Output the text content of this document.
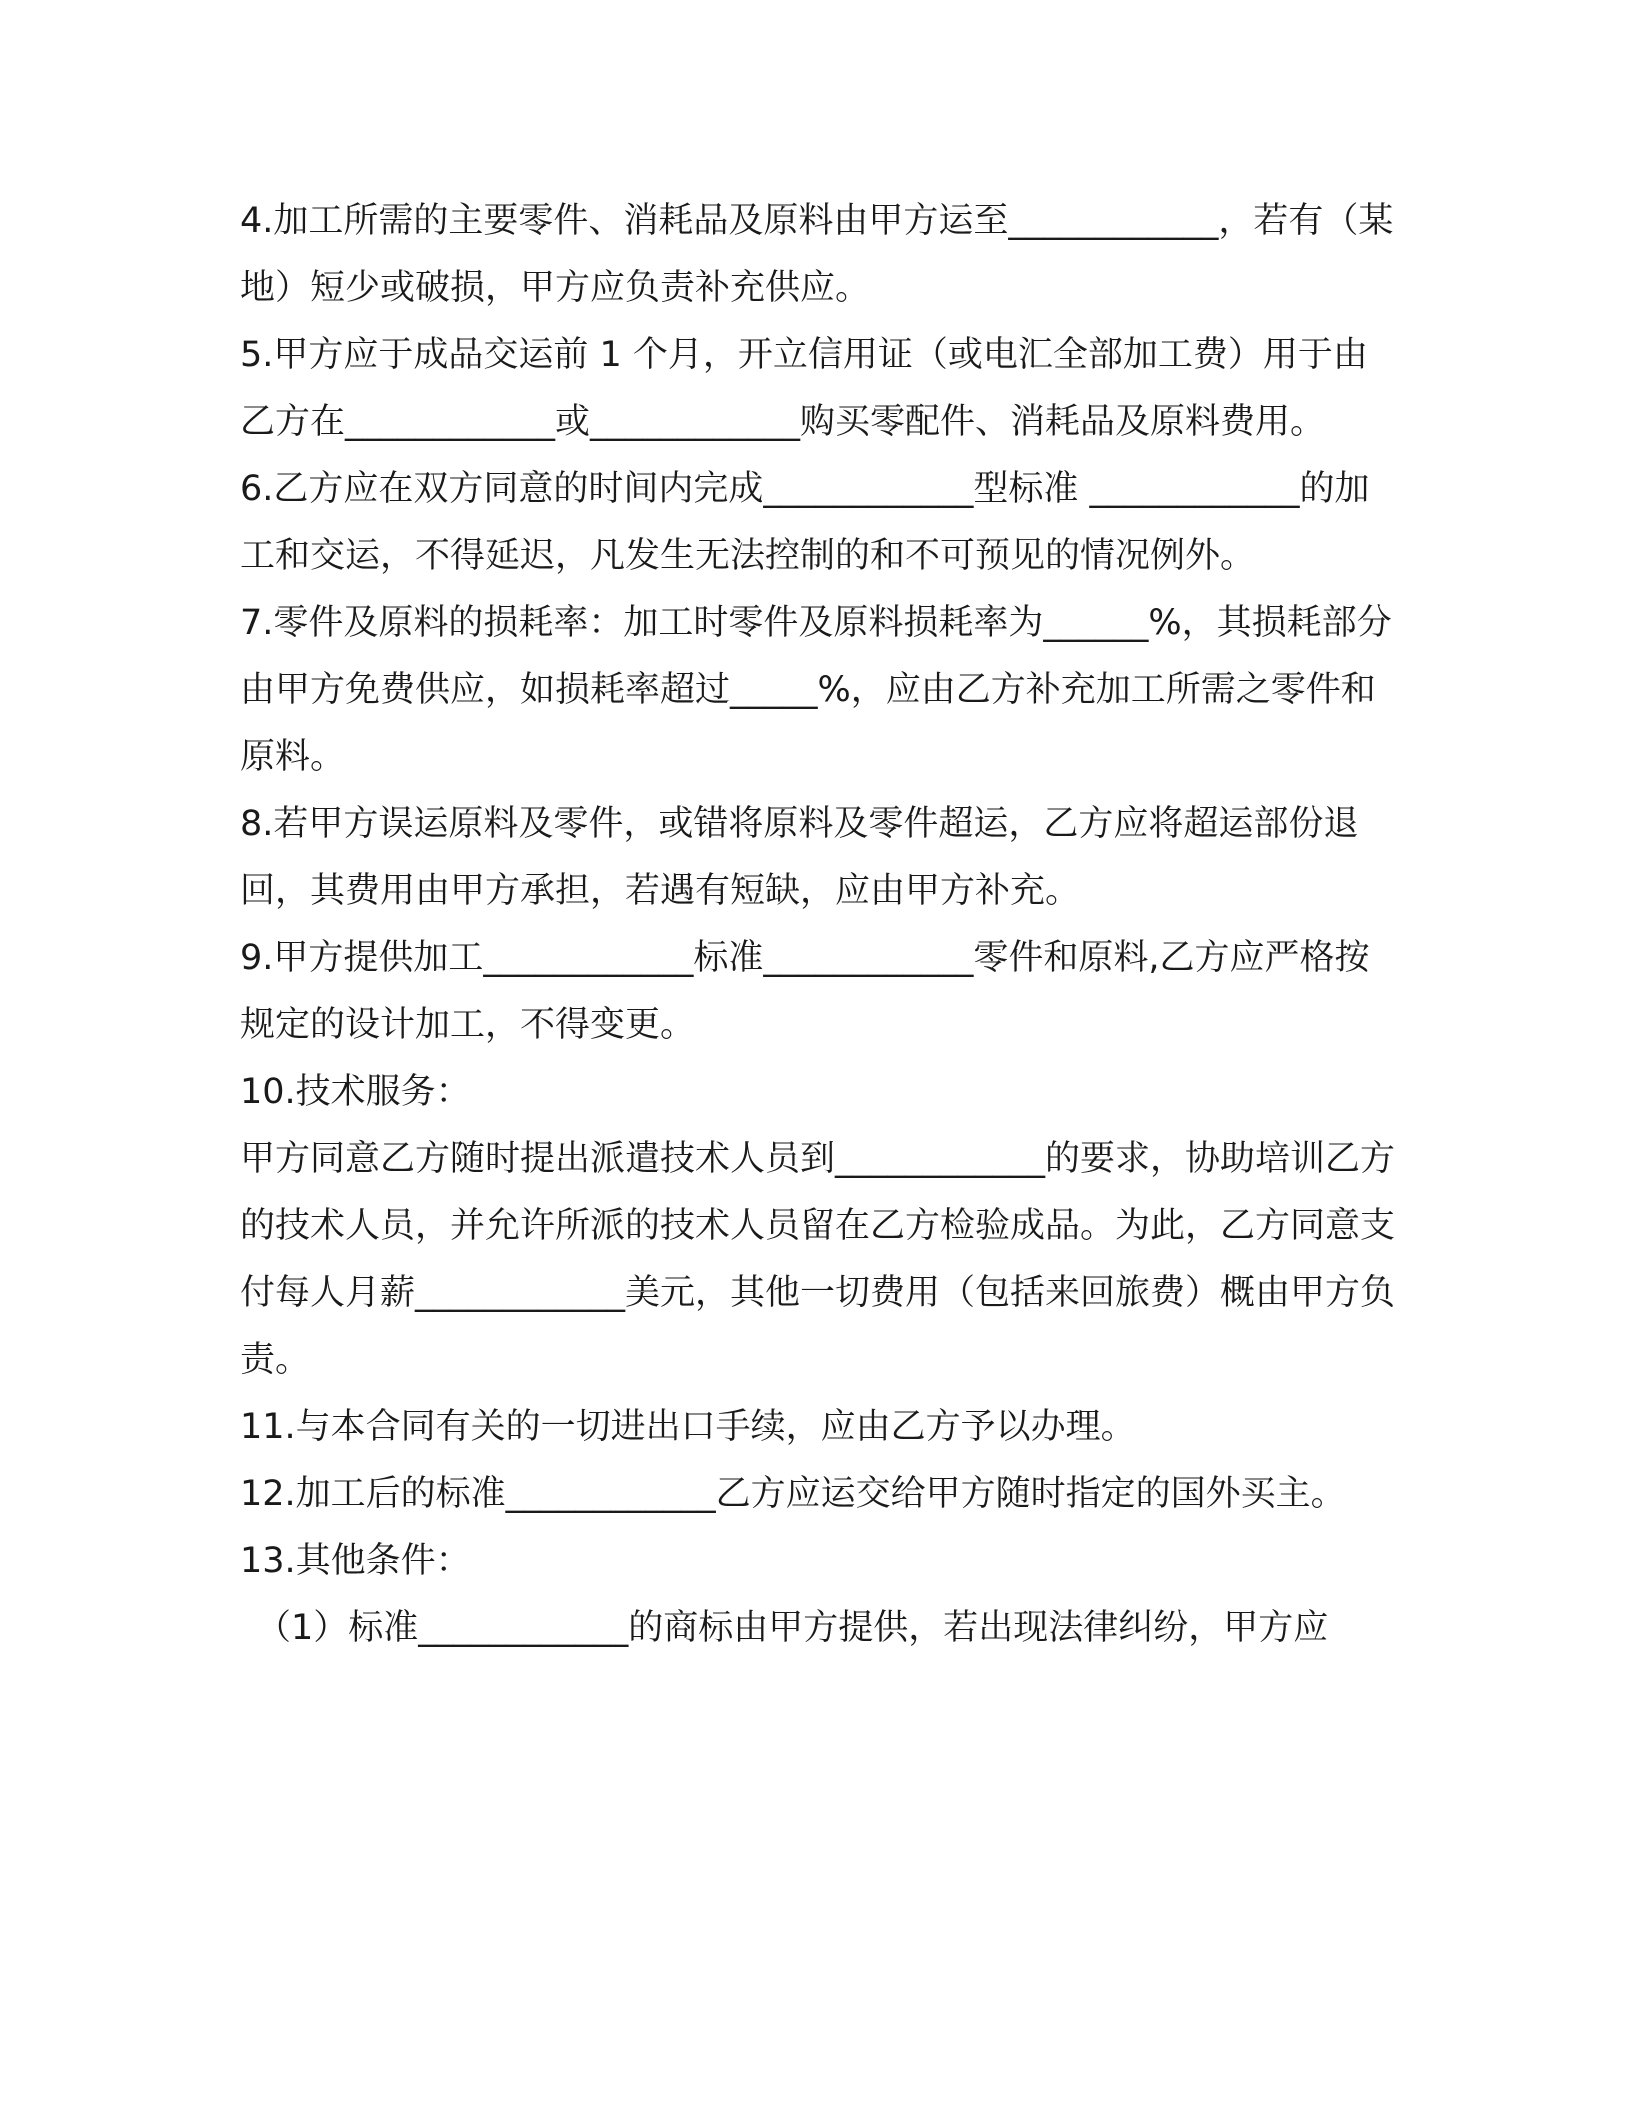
4.加工所需的主要零件、消耗品及原料由甲方运至____________，若有（某地）短少或破损，甲方应负责补充供应。

5.甲方应于成品交运前 1 个月，开立信用证（或电汇全部加工费）用于由乙方在____________或____________购买零配件、消耗品及原料费用。

6.乙方应在双方同意的时间内完成____________型标准 ____________的加工和交运，不得延迟，凡发生无法控制的和不可预见的情况例外。

7.零件及原料的损耗率：加工时零件及原料损耗率为______%，其损耗部分由甲方免费供应，如损耗率超过_____%，应由乙方补充加工所需之零件和原料。

8.若甲方误运原料及零件，或错将原料及零件超运，乙方应将超运部份退回，其费用由甲方承担，若遇有短缺，应由甲方补充。

9.甲方提供加工____________标准____________零件和原料,乙方应严格按规定的设计加工，不得变更。

10.技术服务：

甲方同意乙方随时提出派遣技术人员到____________的要求，协助培训乙方的技术人员，并允许所派的技术人员留在乙方检验成品。为此，乙方同意支付每人月薪____________美元，其他一切费用（包括来回旅费）概由甲方负责。

11.与本合同有关的一切进出口手续，应由乙方予以办理。

12.加工后的标准____________乙方应运交给甲方随时指定的国外买主。

13.其他条件：

（1）标准____________的商标由甲方提供，若出现法律纠纷，甲方应
